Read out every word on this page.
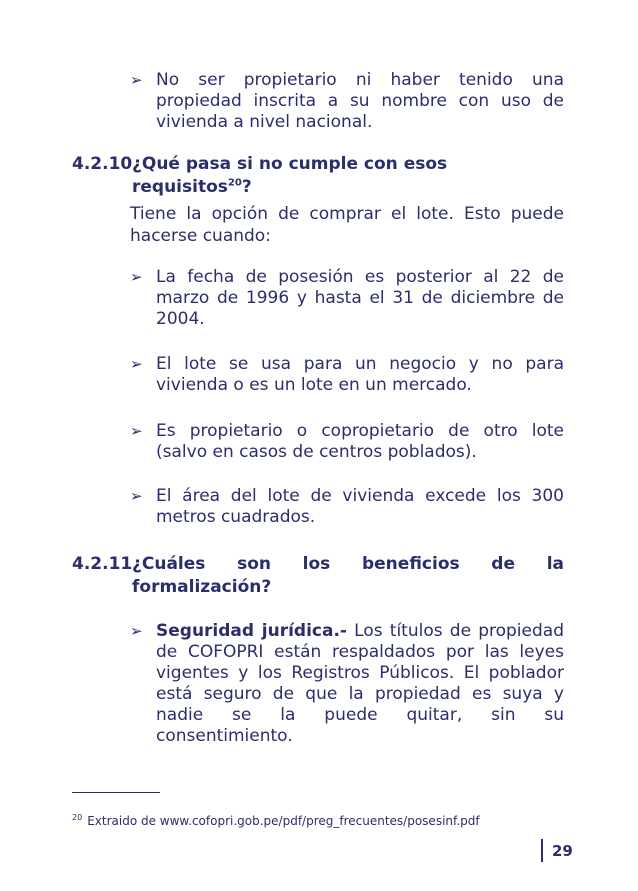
➢ No ser propietario ni haber tenido una propiedad inscrita a su nombre con uso de vivienda a nivel nacional.
4.2.10 ¿Qué pasa si no cumple con esos requisitos$^{20}$?
Tiene la opción de comprar el lote. Esto puede hacerse cuando:
➢ La fecha de posesión es posterior al 22 de marzo de 1996 y hasta el 31 de diciembre de 2004.
➢ El lote se usa para un negocio y no para vivienda o es un lote en un mercado.
➢ Es propietario o copropietario de otro lote (salvo en casos de centros poblados).
➢ El área del lote de vivienda excede los 300 metros cuadrados.
4.2.11 ¿Cuáles son los beneficios de la
formalización?
➢ Seguridad jurídica.- Los títulos de propiedad de COFOPRI están respaldados por las leyes vigentes y los Registros Públicos. El poblador está seguro de que la propiedad es suya y nadie se la puede quitar, sin su consentimiento.
$^{20}$ Extraido de www.cofopri.gob.pe/pdf/preg_frecuentes/posesinf.pdf
29
